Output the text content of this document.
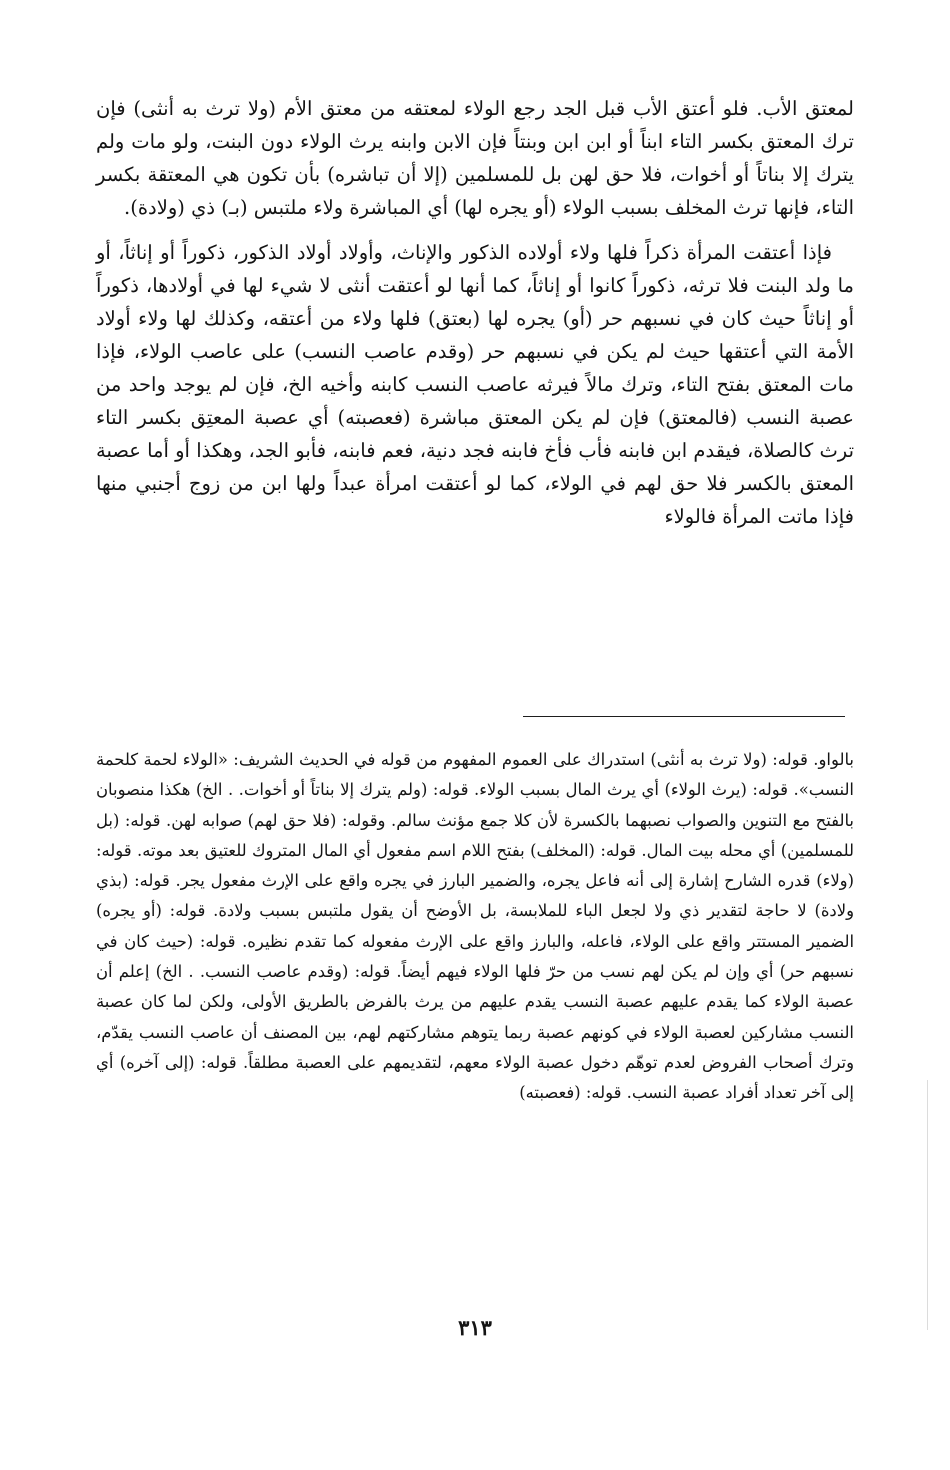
لمعتق الأب. فلو أعتق الأب قبل الجد رجع الولاء لمعتقه من معتق الأم (ولا ترث به أنثى) فإن ترك المعتق بكسر التاء ابناً أو ابن ابن وبنتاً فإن الابن وابنه يرث الولاء دون البنت، ولو مات ولم يترك إلا بناتاً أو أخوات، فلا حق لهن بل للمسلمين (إلا أن تباشره) بأن تكون هي المعتقة بكسر التاء، فإنها ترث المخلف بسبب الولاء (أو يجره لها) أي المباشرة ولاء ملتبس (بـ) ذي (ولادة).

فإذا أعتقت المرأة ذكراً فلها ولاء أولاده الذكور والإناث، وأولاد أولاد الذكور، ذكوراً أو إناثاً، أو ما ولد البنت فلا ترثه، ذكوراً كانوا أو إناثاً، كما أنها لو أعتقت أنثى لا شيء لها في أولادها، ذكوراً أو إناثاً حيث كان في نسبهم حر (أو) يجره لها (بعتق) فلها ولاء من أعتقه، وكذلك لها ولاء أولاد الأمة التي أعتقها حيث لم يكن في نسبهم حر (وقدم عاصب النسب) على عاصب الولاء، فإذا مات المعتق بفتح التاء، وترك مالاً فيرثه عاصب النسب كابنه وأخيه الخ، فإن لم يوجد واحد من عصبة النسب (فالمعتق) فإن لم يكن المعتق مباشرة (فعصبته) أي عصبة المعتِق بكسر التاء ترث كالصلاة، فيقدم ابن فابنه فأب فأخ فابنه فجد دنية، فعم فابنه، فأبو الجد، وهكذا أو أما عصبة المعتق بالكسر فلا حق لهم في الولاء، كما لو أعتقت امرأة عبداً ولها ابن من زوج أجنبي منها فإذا ماتت المرأة فالولاء

بالواو. قوله: (ولا ترث به أنثى) استدراك على العموم المفهوم من قوله في الحديث الشريف: «الولاء لحمة كلحمة النسب». قوله: (يرث الولاء) أي يرث المال بسبب الولاء. قوله: (ولم يترك إلا بناتاً أو أخوات. . الخ) هكذا منصوبان بالفتح مع التنوين والصواب نصبهما بالكسرة لأن كلا جمع مؤنث سالم. وقوله: (فلا حق لهم) صوابه لهن. قوله: (بل للمسلمين) أي محله بيت المال. قوله: (المخلف) بفتح اللام اسم مفعول أي المال المتروك للعتيق بعد موته. قوله: (ولاء) قدره الشارح إشارة إلى أنه فاعل يجره، والضمير البارز في يجره واقع على الإرث مفعول يجر. قوله: (بذي ولادة) لا حاجة لتقدير ذي ولا لجعل الباء للملابسة، بل الأوضح أن يقول ملتبس بسبب ولادة. قوله: (أو يجره) الضمير المستتر واقع على الولاء، فاعله، والبارز واقع على الإرث مفعوله كما تقدم نظيره. قوله: (حيث كان في نسبهم حر) أي وإن لم يكن لهم نسب من حرّ فلها الولاء فيهم أيضاً. قوله: (وقدم عاصب النسب. . الخ) إعلم أن عصبة الولاء كما يقدم عليهم عصبة النسب يقدم عليهم من يرث بالفرض بالطريق الأولى، ولكن لما كان عصبة النسب مشاركين لعصبة الولاء في كونهم عصبة ربما يتوهم مشاركتهم لهم، بين المصنف أن عاصب النسب يقدّم، وترك أصحاب الفروض لعدم توهّم دخول عصبة الولاء معهم، لتقديمهم على العصبة مطلقاً. قوله: (إلى آخره) أي إلى آخر تعداد أفراد عصبة النسب. قوله: (فعصبته)

٣١٣
